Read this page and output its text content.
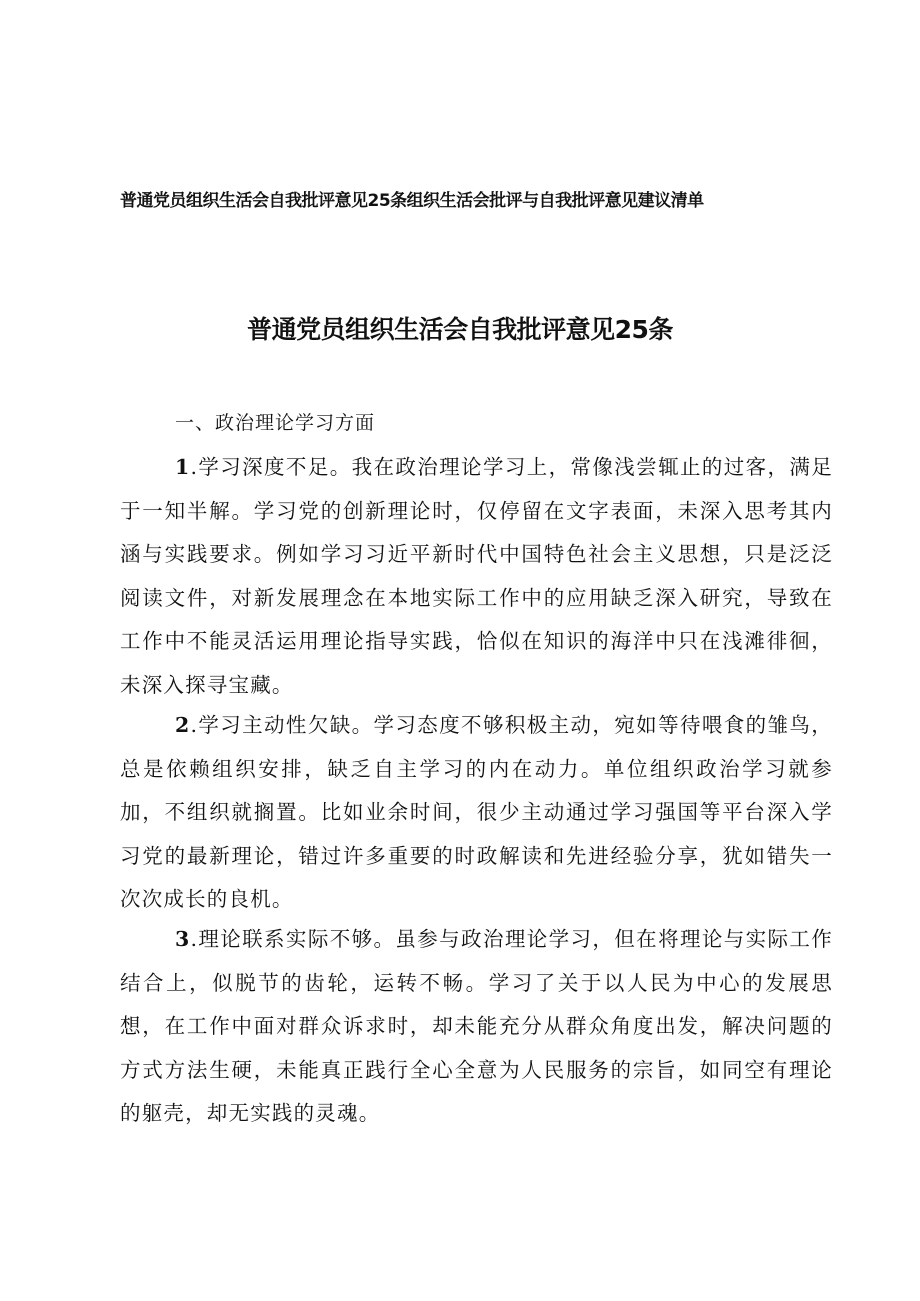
普通党员组织生活会自我批评意见25条组织生活会批评与自我批评意见建议清单
普通党员组织生活会自我批评意见25条
一、政治理论学习方面

1.学习深度不足。我在政治理论学习上，常像浅尝辄止的过客，满足于一知半解。学习党的创新理论时，仅停留在文字表面，未深入思考其内涵与实践要求。例如学习习近平新时代中国特色社会主义思想，只是泛泛阅读文件，对新发展理念在本地实际工作中的应用缺乏深入研究，导致在工作中不能灵活运用理论指导实践，恰似在知识的海洋中只在浅滩徘徊，未深入探寻宝藏。

2.学习主动性欠缺。学习态度不够积极主动，宛如等待喂食的雏鸟，总是依赖组织安排，缺乏自主学习的内在动力。单位组织政治学习就参加，不组织就搁置。比如业余时间，很少主动通过学习强国等平台深入学习党的最新理论，错过许多重要的时政解读和先进经验分享，犹如错失一次次成长的良机。

3.理论联系实际不够。虽参与政治理论学习，但在将理论与实际工作结合上，似脱节的齿轮，运转不畅。学习了关于以人民为中心的发展思想，在工作中面对群众诉求时，却未能充分从群众角度出发，解决问题的方式方法生硬，未能真正践行全心全意为人民服务的宗旨，如同空有理论的躯壳，却无实践的灵魂。
